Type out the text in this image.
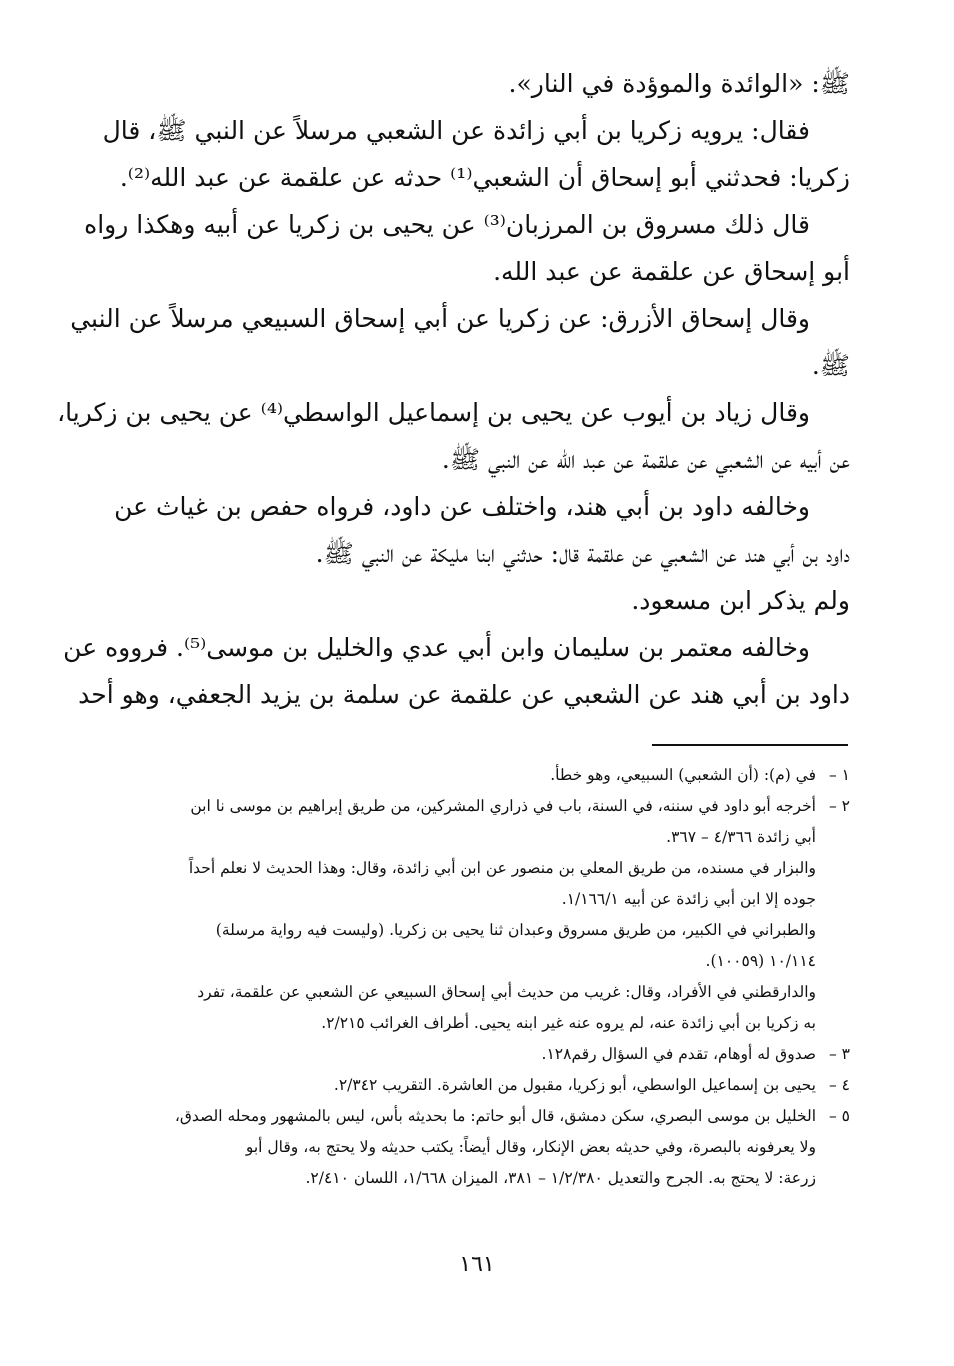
ﷺ: «الوائدة والموؤدة في النار».
فقال: يرويه زكريا بن أبي زائدة عن الشعبي مرسلاً عن النبي ﷺ، قال
زكريا: فحدثني أبو إسحاق أن الشعبي⁽¹⁾ حدثه عن علقمة عن عبد الله⁽²⁾.
قال ذلك مسروق بن المرزبان⁽³⁾ عن يحيى بن زكريا عن أبيه وهكذا رواه
أبو إسحاق عن علقمة عن عبد الله.
وقال إسحاق الأزرق: عن زكريا عن أبي إسحاق السبيعي مرسلاً عن النبي
ﷺ.
وقال زياد بن أيوب عن يحيى بن إسماعيل الواسطي⁽⁴⁾ عن يحيى بن زكريا،
عن أبيه عن الشعبي عن علقمة عن عبد الله عن النبي ﷺ.
وخالفه داود بن أبي هند، واختلف عن داود، فرواه حفص بن غياث عن
داود بن أبي هند عن الشعبي عن علقمة قال: حدثني ابنا مليكة عن النبي ﷺ.
ولم يذكر ابن مسعود.
وخالفه معتمر بن سليمان وابن أبي عدي والخليل بن موسى⁽⁵⁾. فرووه عن
داود بن أبي هند عن الشعبي عن علقمة عن سلمة بن يزيد الجعفي، وهو أحد
١ –في (م): (أن الشعبي) السبيعي، وهو خطأ.
٢ –أخرجه أبو داود في سننه، في السنة، باب في ذراري المشركين، من طريق إبراهيم بن موسى نا ابن
أبي زائدة ٤/٣٦٦ – ٣٦٧.
والبزار في مسنده، من طريق المعلي بن منصور عن ابن أبي زائدة، وقال: وهذا الحديث لا نعلم أحداً
جوده إلا ابن أبي زائدة عن أبيه ١/١٦٦/١.
والطبراني في الكبير، من طريق مسروق وعبدان ثنا يحيى بن زكريا. (وليست فيه رواية مرسلة)
١٠/١١٤ (١٠٠٥٩).
والدارقطني في الأفراد، وقال: غريب من حديث أبي إسحاق السبيعي عن الشعبي عن علقمة، تفرد
به زكريا بن أبي زائدة عنه، لم يروه عنه غير ابنه يحيى. أطراف الغرائب ٢/٢١٥.
٣ –صدوق له أوهام، تقدم في السؤال رقم١٢٨.
٤ –يحيى بن إسماعيل الواسطي، أبو زكريا، مقبول من العاشرة. التقريب ٢/٣٤٢.
٥ –الخليل بن موسى البصري، سكن دمشق، قال أبو حاتم: ما بحديثه بأس، ليس بالمشهور ومحله الصدق،
ولا يعرفونه بالبصرة، وفي حديثه بعض الإنكار، وقال أيضاً: يكتب حديثه ولا يحتج به، وقال أبو
زرعة: لا يحتج به. الجرح والتعديل ١/٢/٣٨٠ – ٣٨١، الميزان ١/٦٦٨، اللسان ٢/٤١٠.
١٦١
